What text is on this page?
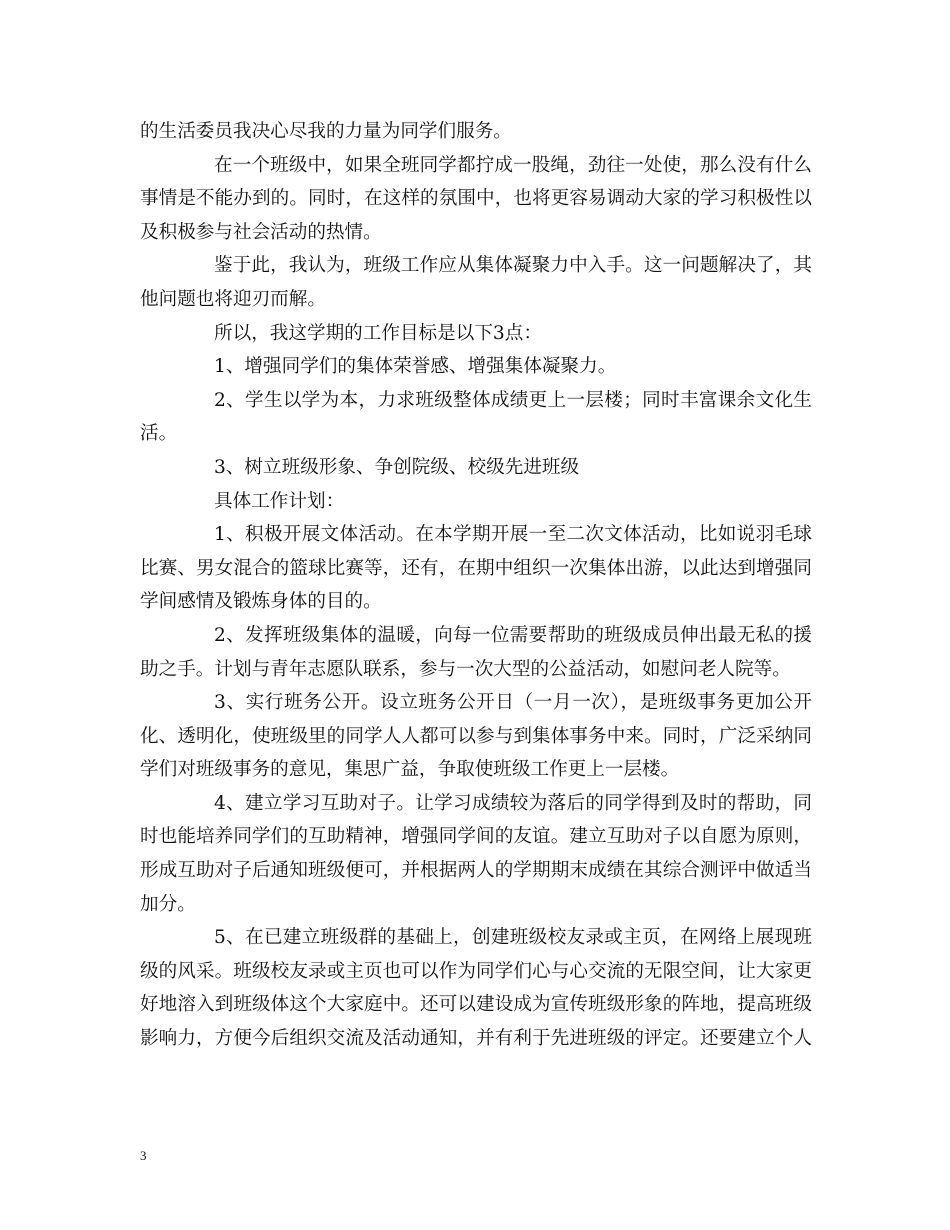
的生活委员我决心尽我的力量为同学们服务。
在一个班级中，如果全班同学都拧成一股绳，劲往一处使，那么没有什么
事情是不能办到的。同时，在这样的氛围中，也将更容易调动大家的学习积极性以
及积极参与社会活动的热情。
鉴于此，我认为，班级工作应从集体凝聚力中入手。这一问题解决了，其
他问题也将迎刃而解。
所以，我这学期的工作目标是以下3点：
1、增强同学们的集体荣誉感、增强集体凝聚力。
2、学生以学为本，力求班级整体成绩更上一层楼；同时丰富课余文化生
活。
3、树立班级形象、争创院级、校级先进班级
具体工作计划：
1、积极开展文体活动。在本学期开展一至二次文体活动，比如说羽毛球
比赛、男女混合的篮球比赛等，还有，在期中组织一次集体出游，以此达到增强同
学间感情及锻炼身体的目的。
2、发挥班级集体的温暖，向每一位需要帮助的班级成员伸出最无私的援
助之手。计划与青年志愿队联系，参与一次大型的公益活动，如慰问老人院等。
3、实行班务公开。设立班务公开日（一月一次），是班级事务更加公开
化、透明化，使班级里的同学人人都可以参与到集体事务中来。同时，广泛采纳同
学们对班级事务的意见，集思广益，争取使班级工作更上一层楼。
4、建立学习互助对子。让学习成绩较为落后的同学得到及时的帮助，同
时也能培养同学们的互助精神，增强同学间的友谊。建立互助对子以自愿为原则，
形成互助对子后通知班级便可，并根据两人的学期期末成绩在其综合测评中做适当
加分。
5、在已建立班级群的基础上，创建班级校友录或主页，在网络上展现班
级的风采。班级校友录或主页也可以作为同学们心与心交流的无限空间，让大家更
好地溶入到班级体这个大家庭中。还可以建设成为宣传班级形象的阵地，提高班级
影响力，方便今后组织交流及活动通知，并有利于先进班级的评定。还要建立个人
3
